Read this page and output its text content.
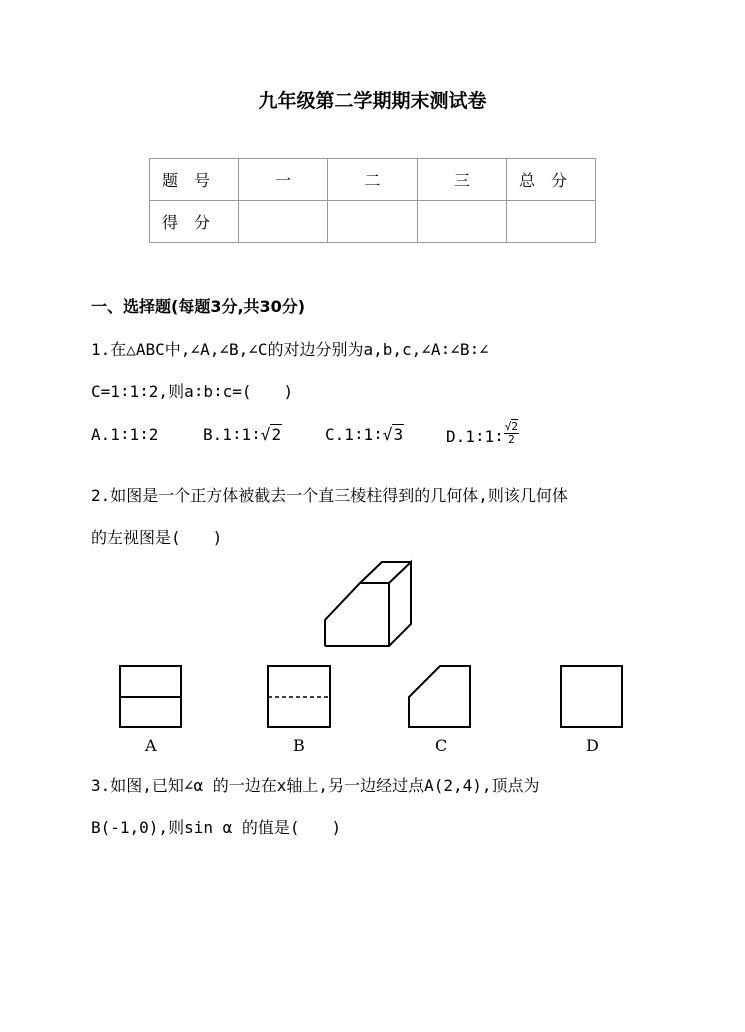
九年级第二学期期末测试卷
题号	一	二	三	总分
得分				
一、选择题(每题3分,共30分)
1.在△ABC中,∠A,∠B,∠C的对边分别为a,b,c,∠A∶∠B∶∠
C=1∶1∶2,则a∶b∶c=(　　)
A.1∶1∶2	B.1∶1∶√2	C.1∶1∶√3	D.1∶1∶ $\frac{√2}{2}$
2.如图是一个正方体被截去一个直三棱柱得到的几何体,则该几何体
的左视图是(　　)
A	B	C	D
3.如图,已知∠α 的一边在x轴上,另一边经过点A(2,4),顶点为
B(-1,0),则sin α 的值是(　　)
